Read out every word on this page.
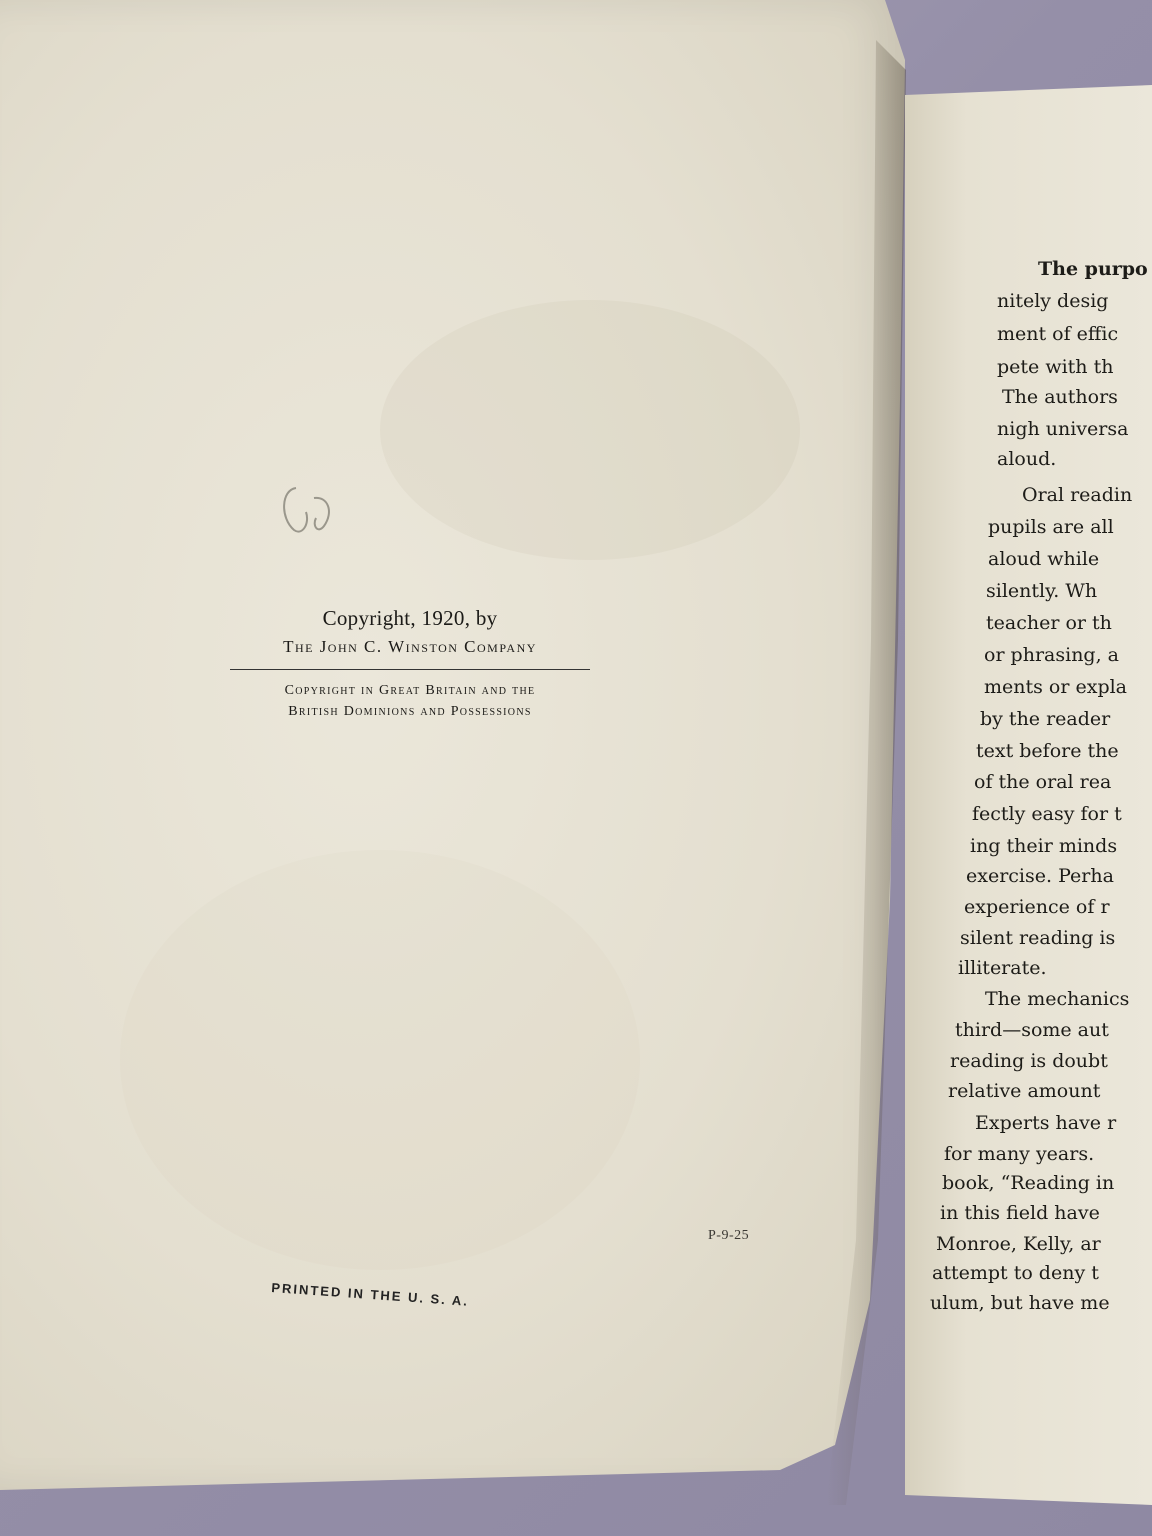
Copyright, 1920, by
The John C. Winston Company
Copyright in Great Britain and the
British Dominions and Possessions
P-9-25
PRINTED IN THE U. S. A.
The purpo
nitely desig
ment of effic
pete with th
The authors
nigh universa
aloud.
Oral readin
pupils are all
aloud while
silently. Wh
teacher or th
or phrasing, a
ments or expla
by the reader
text before the
of the oral rea
fectly easy for t
ing their minds
exercise. Perha
experience of r
silent reading is
illiterate.
The mechanics
third—some aut
reading is doubt
relative amount
Experts have r
for many years.
book, “Reading in
in this field have
Monroe, Kelly, ar
attempt to deny t
ulum, but have me
